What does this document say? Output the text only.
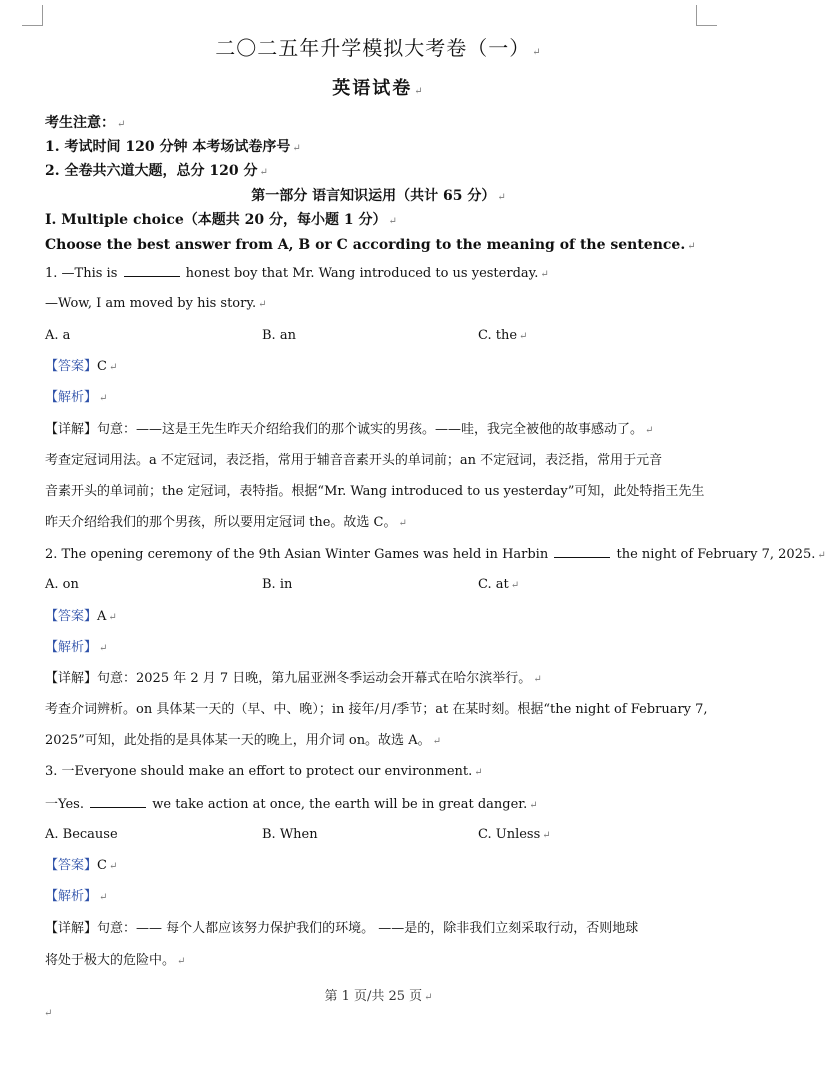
二〇二五年升学模拟大考卷（一） ↵
英语试卷 ↵
考生注意： ↵
1. 考试时间 120 分钟 本考场试卷序号 ↵
2. 全卷共六道大题，总分 120 分 ↵
第一部分 语言知识运用（共计 65 分） ↵
Ⅰ. Multiple choice（本题共 20 分，每小题 1 分） ↵
Choose the best answer from A, B or C according to the meaning of the sentence. ↵
1. —This is	honest boy that Mr. Wang introduced to us yesterday. ↵
—Wow, I am moved by his story. ↵
A. a	B. an	C. the ↵
【答案】C ↵
【解析】 ↵
【详解】句意：——这是王先生昨天介绍给我们的那个诚实的男孩。——哇，我完全被他的故事感动了。 ↵
考查定冠词用法。a 不定冠词，表泛指，常用于辅音音素开头的单词前；an 不定冠词，表泛指，常用于元音
音素开头的单词前；the 定冠词，表特指。根据“Mr. Wang introduced to us yesterday”可知，此处特指王先生
昨天介绍给我们的那个男孩，所以要用定冠词 the。故选 C。 ↵
2. The opening ceremony of the 9th Asian Winter Games was held in Harbin	the night of February 7, 2025. ↵
A. on	B. in	C. at ↵
【答案】A ↵
【解析】 ↵
【详解】句意：2025 年 2 月 7 日晚，第九届亚洲冬季运动会开幕式在哈尔滨举行。 ↵
考查介词辨析。on 具体某一天的（早、中、晚）；in 接年/月/季节；at 在某时刻。根据“the night of February 7,
2025”可知，此处指的是具体某一天的晚上，用介词 on。故选 A。 ↵
3. 一Everyone should make an effort to protect our environment. ↵
一Yes.	we take action at once, the earth will be in great danger. ↵
A. Because	B. When	C. Unless ↵
【答案】C ↵
【解析】 ↵
【详解】句意：—— 每个人都应该努力保护我们的环境。 ——是的，除非我们立刻采取行动，否则地球
将处于极大的危险中。 ↵
第 1 页/共 25 页 ↵
↵
